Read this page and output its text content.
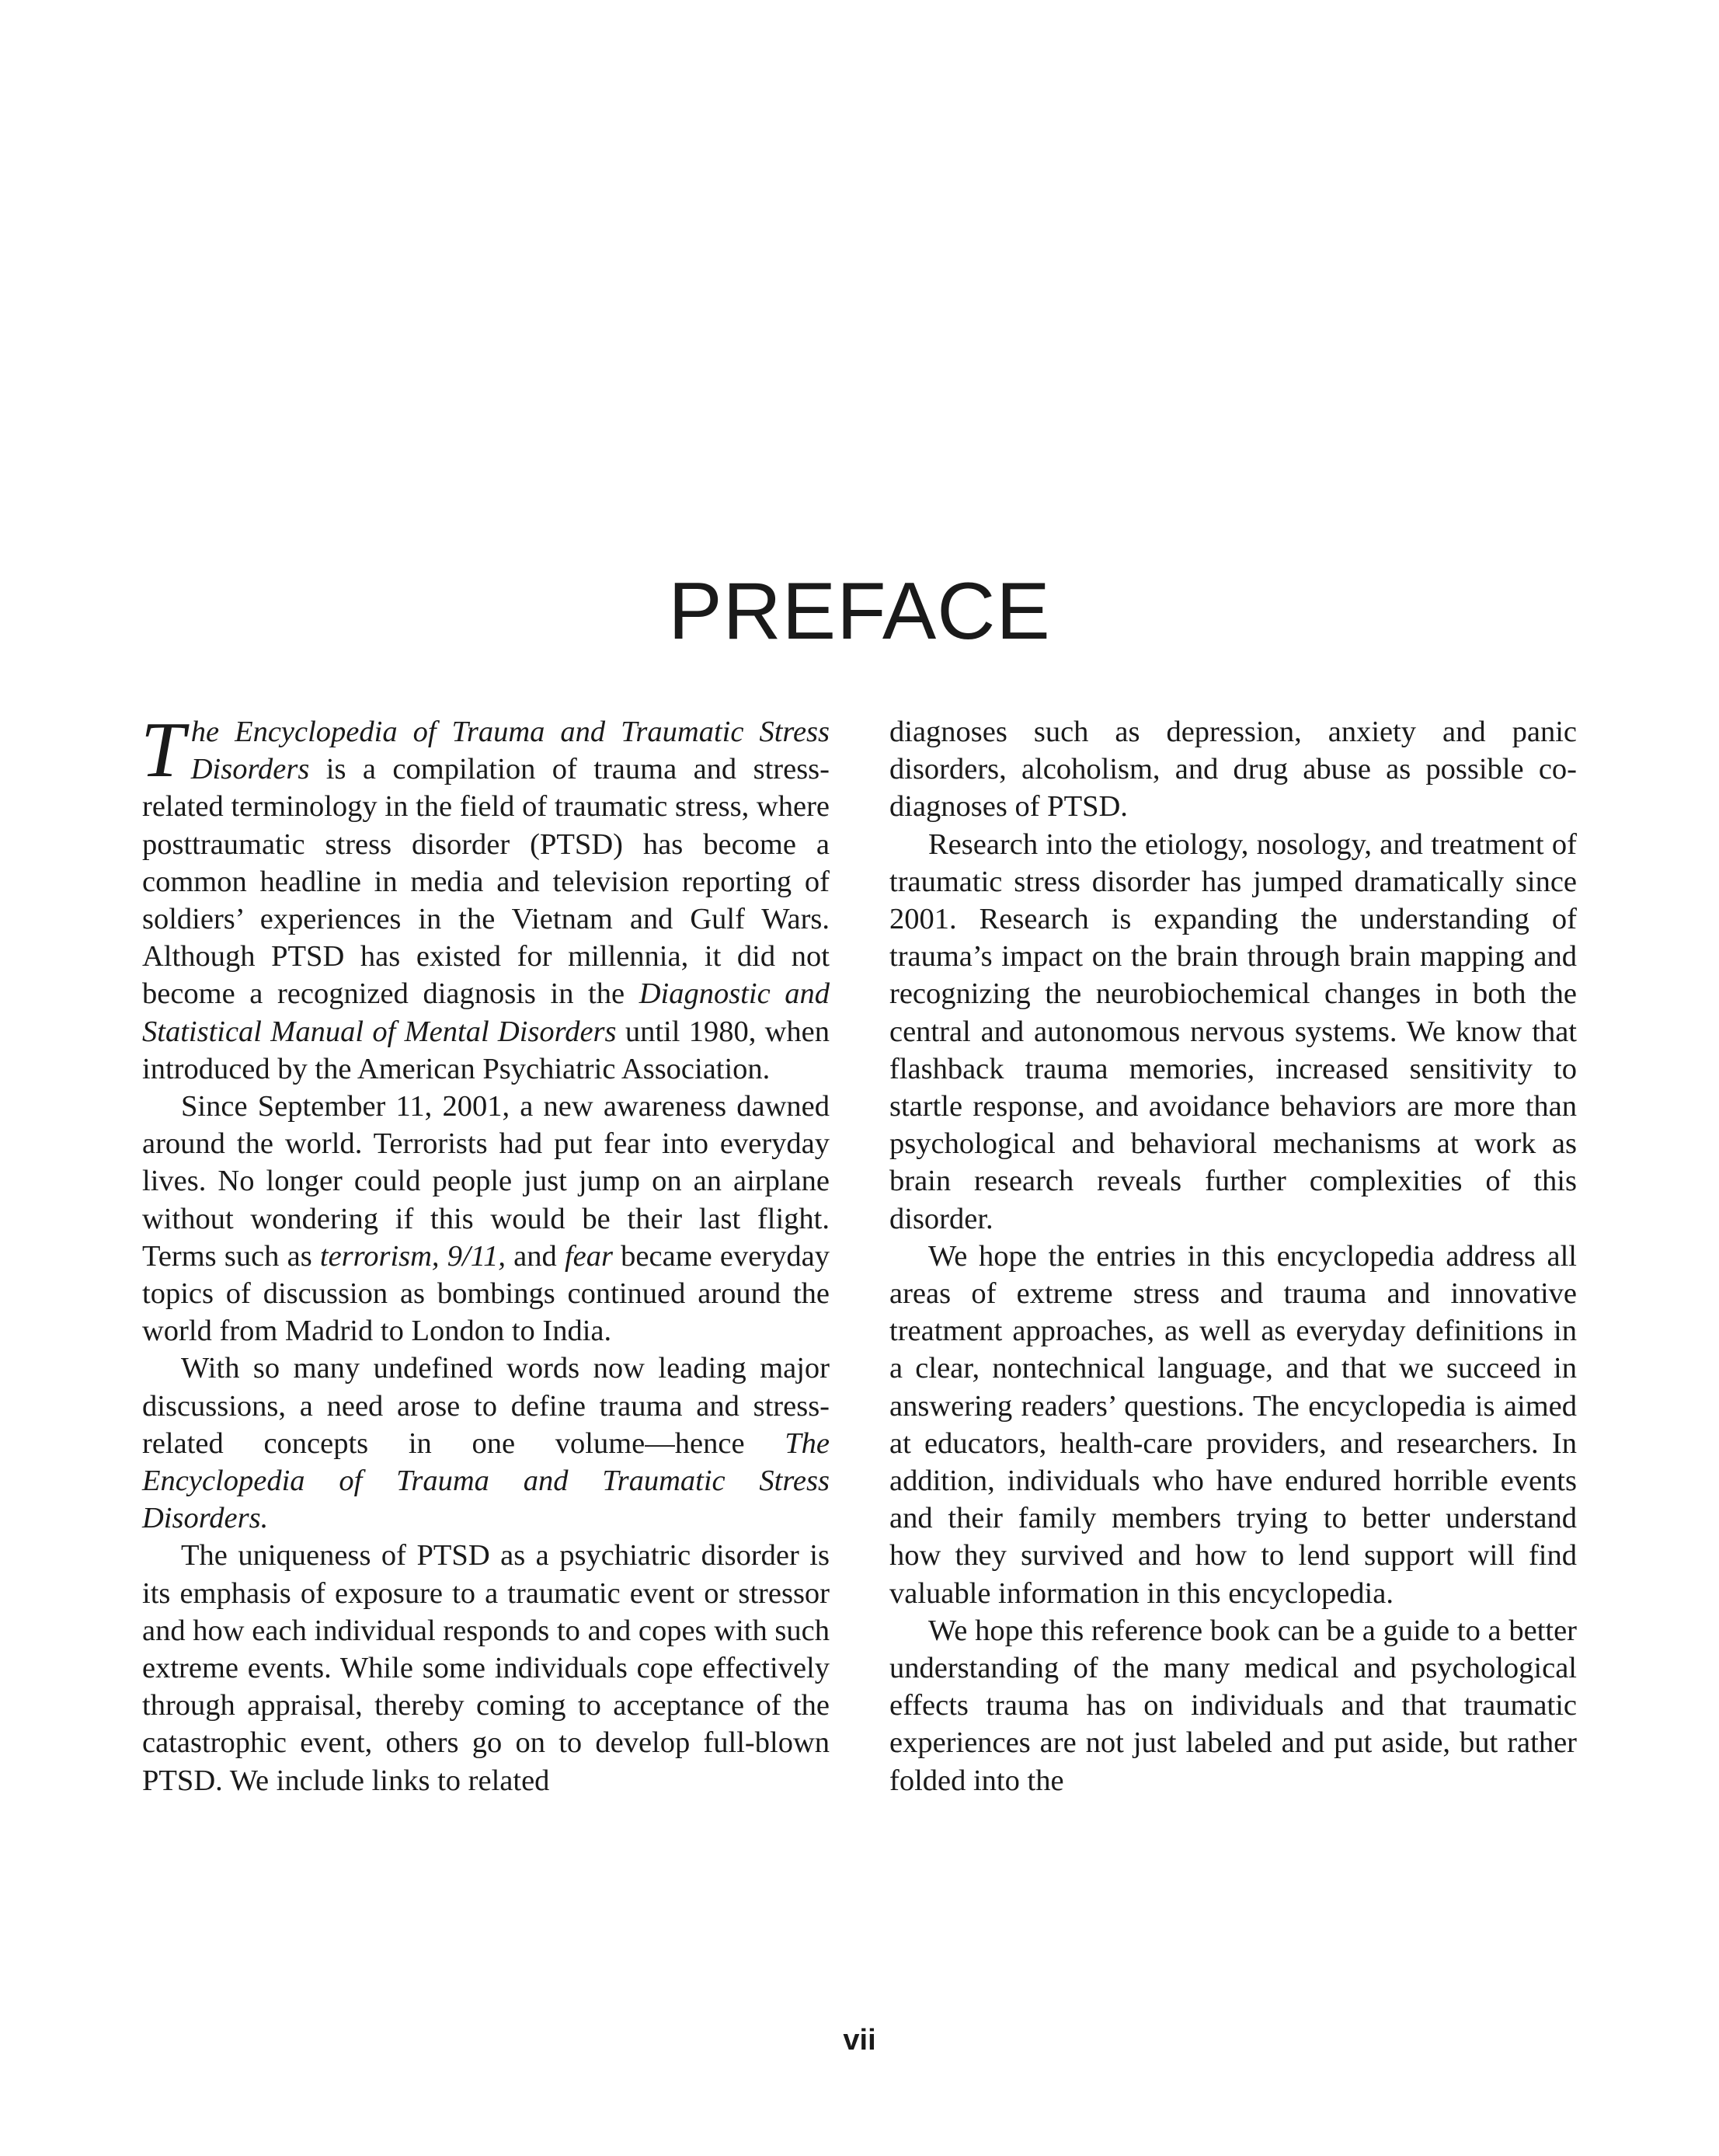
PREFACE

The Encyclopedia of Trauma and Traumatic Stress Disorders is a compilation of trauma and stress-related terminology in the field of traumatic stress, where posttraumatic stress disorder (PTSD) has become a common headline in media and television reporting of soldiers’ experiences in the Vietnam and Gulf Wars. Although PTSD has existed for millennia, it did not become a recognized diagnosis in the Diagnostic and Statistical Manual of Mental Disorders until 1980, when introduced by the American Psychiatric Association.

Since September 11, 2001, a new awareness dawned around the world. Terrorists had put fear into everyday lives. No longer could people just jump on an airplane without wondering if this would be their last flight. Terms such as terrorism, 9/11, and fear became everyday topics of discussion as bombings continued around the world from Madrid to London to India.

With so many undefined words now leading major discussions, a need arose to define trauma and stress-related concepts in one volume—hence The Encyclopedia of Trauma and Traumatic Stress Disorders.

The uniqueness of PTSD as a psychiatric disorder is its emphasis of exposure to a traumatic event or stressor and how each individual responds to and copes with such extreme events. While some individuals cope effectively through appraisal, thereby coming to acceptance of the catastrophic event, others go on to develop full-blown PTSD. We include links to related

diagnoses such as depression, anxiety and panic disorders, alcoholism, and drug abuse as possible co-diagnoses of PTSD.

Research into the etiology, nosology, and treatment of traumatic stress disorder has jumped dramatically since 2001. Research is expanding the understanding of trauma’s impact on the brain through brain mapping and recognizing the neurobiochemical changes in both the central and autonomous nervous systems. We know that flashback trauma memories, increased sensitivity to startle response, and avoidance behaviors are more than psychological and behavioral mechanisms at work as brain research reveals further complexities of this disorder.

We hope the entries in this encyclopedia address all areas of extreme stress and trauma and innovative treatment approaches, as well as everyday definitions in a clear, nontechnical language, and that we succeed in answering readers’ questions. The encyclopedia is aimed at educators, health-care providers, and researchers. In addition, individuals who have endured horrible events and their family members trying to better understand how they survived and how to lend support will find valuable information in this encyclopedia.

We hope this reference book can be a guide to a better understanding of the many medical and psychological effects trauma has on individuals and that traumatic experiences are not just labeled and put aside, but rather folded into the

vii
